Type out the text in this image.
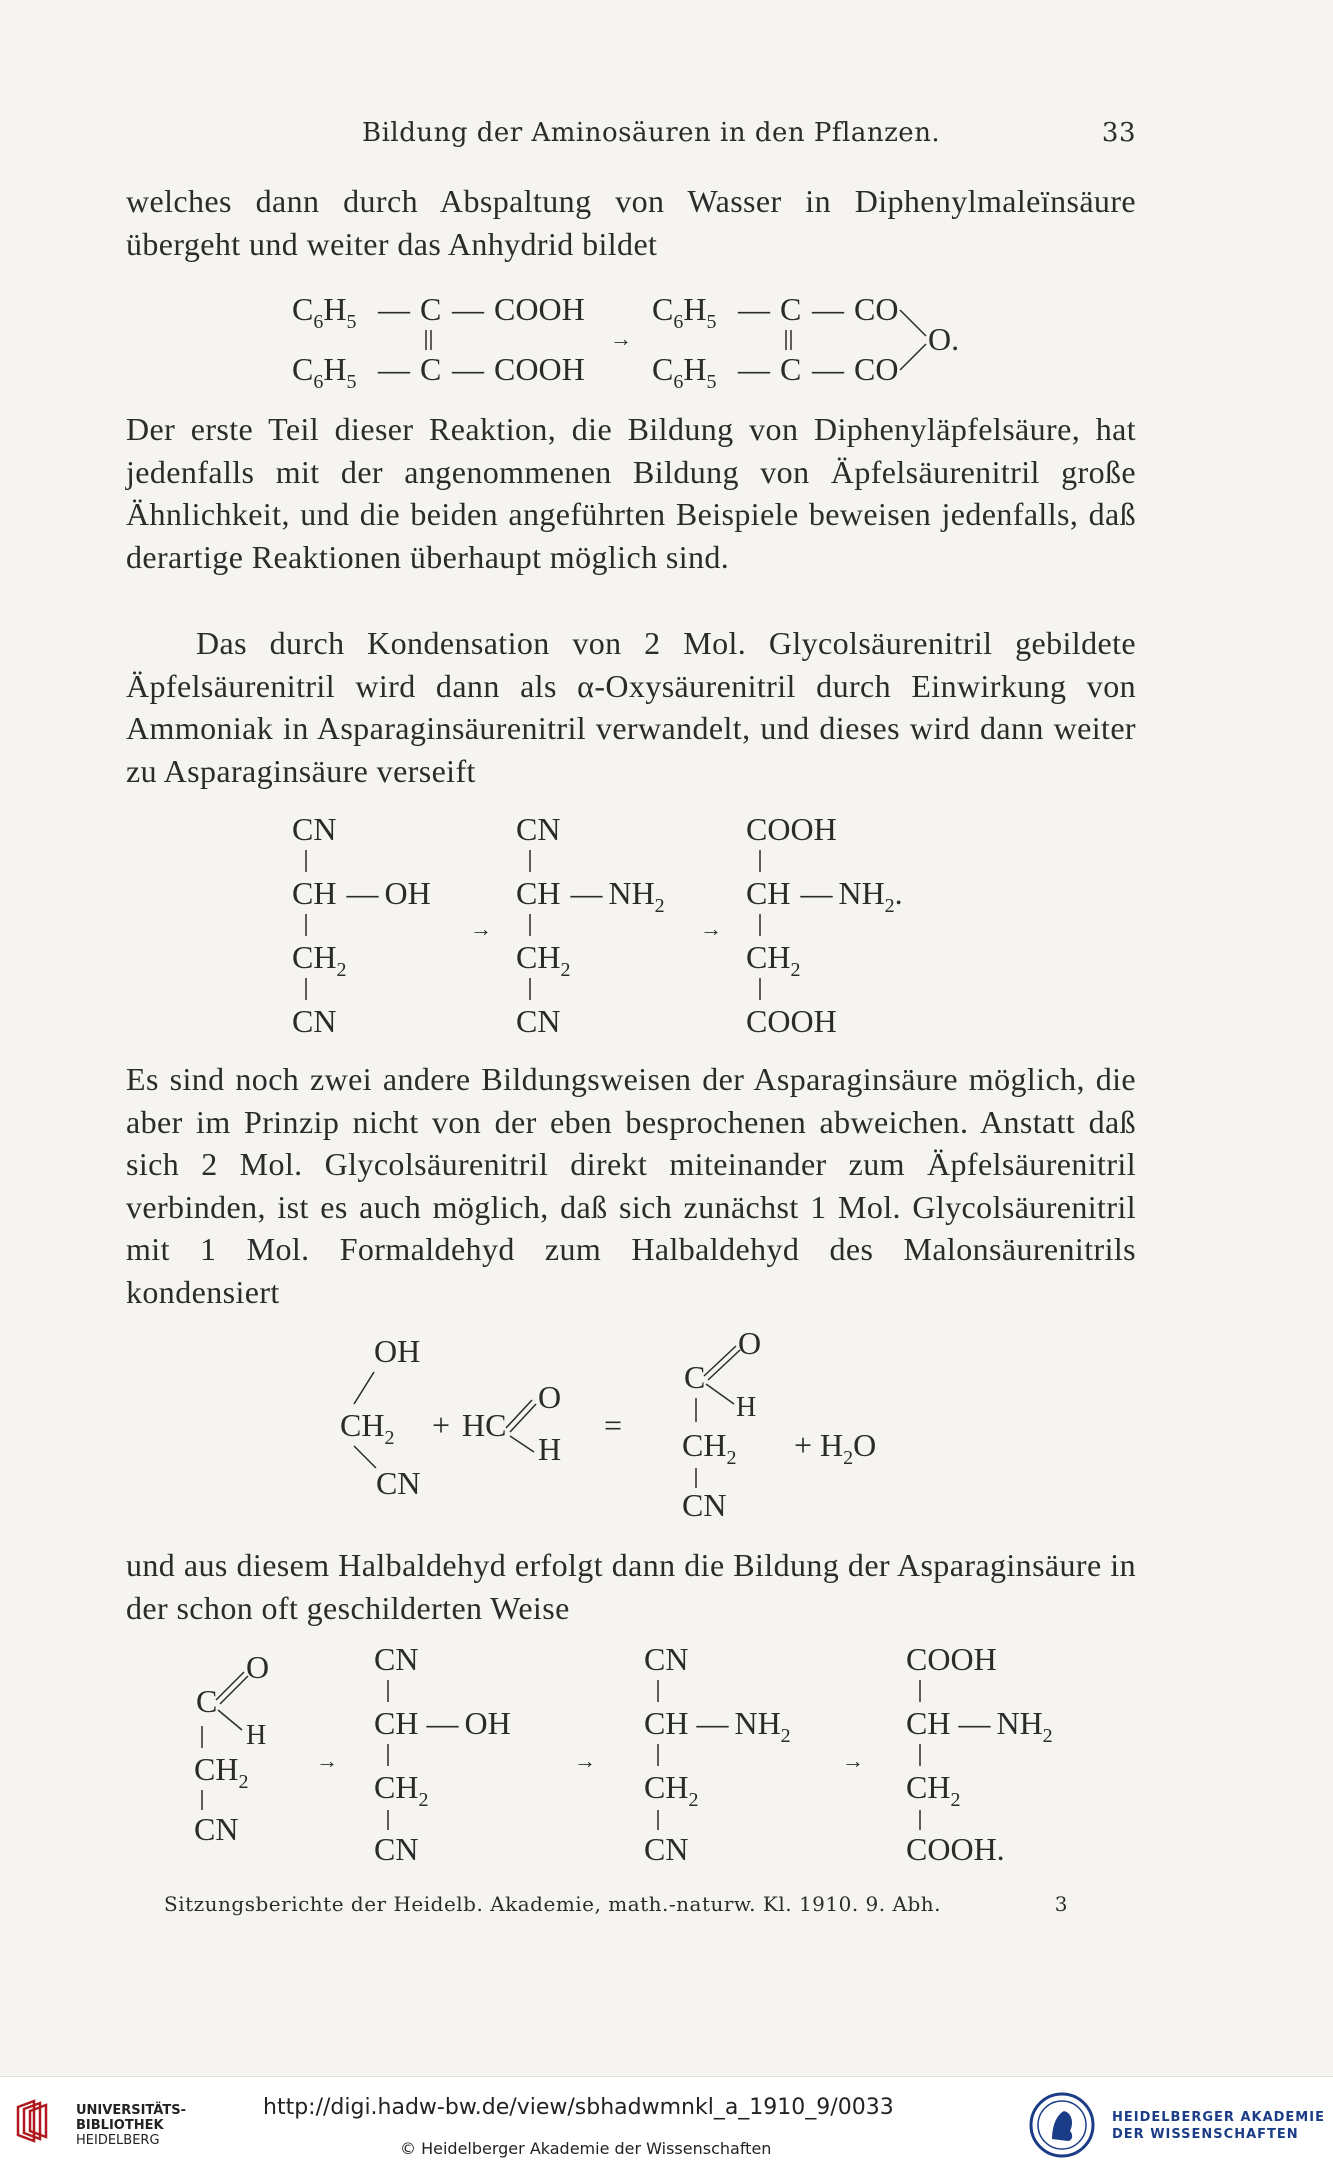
Bildung der Aminosäuren in den Pflanzen.	33
welches dann durch Abspaltung von Wasser in Diphenylmaleïnsäure übergeht und weiter das Anhydrid bildet
$C_6H_5$ — C — COOH
$C_6H_5$ — C — COOH
→
$C_6H_5$ — C — CO
$C_6H_5$ — C — CO
O.
Der erste Teil dieser Reaktion, die Bildung von Diphenyläpfelsäure, hat jedenfalls mit der angenommenen Bildung von Äpfelsäurenitril große Ähnlichkeit, und die beiden angeführten Beispiele beweisen jedenfalls, daß derartige Reaktionen überhaupt möglich sind.
Das durch Kondensation von 2 Mol. Glycolsäurenitril gebildete Äpfelsäurenitril wird dann als α-Oxysäurenitril durch Einwirkung von Ammoniak in Asparaginsäurenitril verwandelt, und dieses wird dann weiter zu Asparaginsäure verseift
CN
CH — OH
$CH_2$
CN
→
CN
CH — $NH_2$
$CH_2$
CN
→
COOH
CH — $NH_2$.
$CH_2$
COOH
Es sind noch zwei andere Bildungsweisen der Asparaginsäure möglich, die aber im Prinzip nicht von der eben besprochenen abweichen. Anstatt daß sich 2 Mol. Glycolsäurenitril direkt miteinander zum Äpfelsäurenitril verbinden, ist es auch möglich, daß sich zunächst 1 Mol. Glycolsäurenitril mit 1 Mol. Formaldehyd zum Halbaldehyd des Malonsäurenitrils kondensiert
OH
$CH_2$ + HC
O
H
CN
=
C
O
H
$CH_2$
CN
+ $H_2O$
und aus diesem Halbaldehyd erfolgt dann die Bildung der Asparaginsäure in der schon oft geschilderten Weise
C
O
H
$CH_2$
CN
→
CN
CH — OH
$CH_2$
CN
→
CN
CH — $NH_2$
$CH_2$
CN
→
COOH
CH — $NH_2$
$CH_2$
COOH.
Sitzungsberichte der Heidelb. Akademie, math.-naturw. Kl. 1910. 9. Abh.	3
UNIVERSITÄTS-
BIBLIOTHEK
HEIDELBERG
http://digi.hadw-bw.de/view/sbhadwmnkl_a_1910_9/0033
© Heidelberger Akademie der Wissenschaften
HEIDELBERGER AKADEMIE
DER WISSENSCHAFTEN
